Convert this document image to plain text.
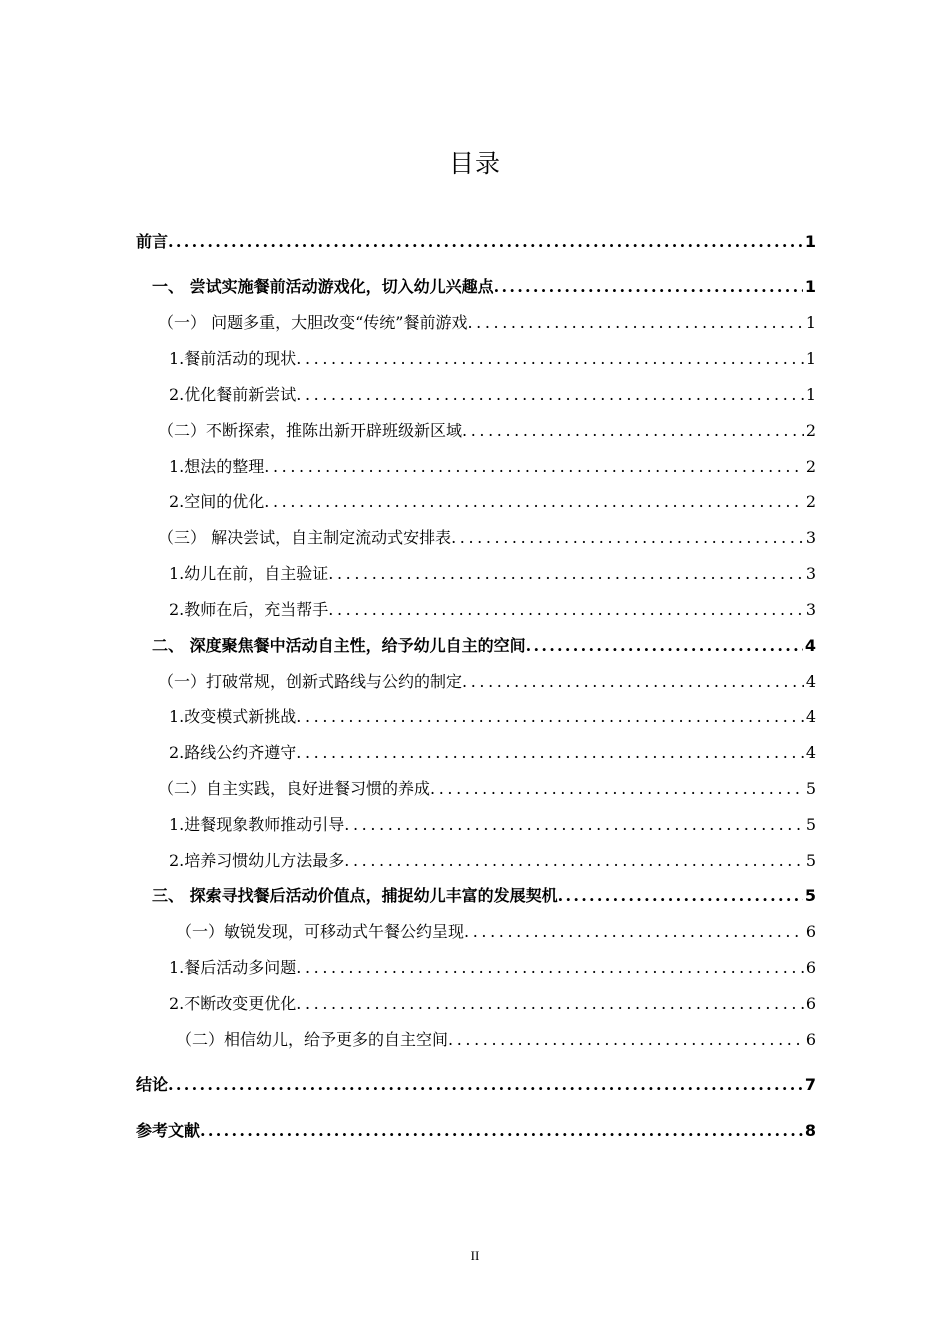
目录
前言 .....	1
一、 尝试实施餐前活动游戏化，切入幼儿兴趣点 .....	1
（一） 问题多重，大胆改变“传统”餐前游戏 .....	1
1.餐前活动的现状 .....	1
2.优化餐前新尝试 .....	1
（二）不断探索，推陈出新开辟班级新区域 .....	2
1.想法的整理 .....	2
2.空间的优化 .....	2
（三） 解决尝试，自主制定流动式安排表 .....	3
1.幼儿在前，自主验证 .....	3
2.教师在后，充当帮手 .....	3
二、 深度聚焦餐中活动自主性，给予幼儿自主的空间 .....	4
（一）打破常规，创新式路线与公约的制定 .....	4
1.改变模式新挑战 .....	4
2.路线公约齐遵守 .....	4
（二）自主实践，良好进餐习惯的养成 .....	5
1.进餐现象教师推动引导 .....	5
2.培养习惯幼儿方法最多 .....	5
三、 探索寻找餐后活动价值点，捕捉幼儿丰富的发展契机 .....	5
（一）敏锐发现，可移动式午餐公约呈现 .....	6
1.餐后活动多问题 .....	6
2.不断改变更优化 .....	6
（二）相信幼儿，给予更多的自主空间 .....	6
结论 .....	7
参考文献 .....	8
II
